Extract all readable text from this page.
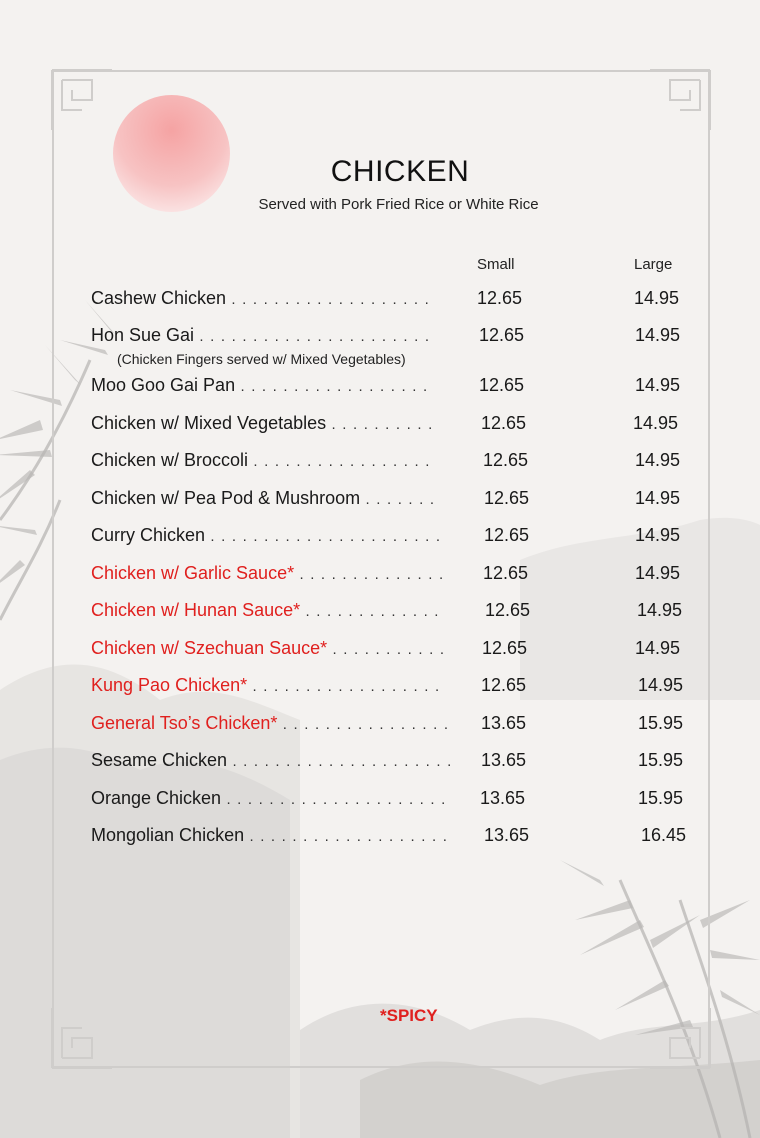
CHICKEN
Served with Pork Fried Rice or White Rice
Small	Large
Cashew Chicken . . . . . . . . . . . . . . . . . . .	12.65	14.95
Hon Sue Gai . . . . . . . . . . . . . . . . . . . . . .	12.65	14.95
Moo Goo Gai Pan . . . . . . . . . . . . . . . . . .	12.65	14.95
Chicken w/ Mixed Vegetables . . . . . . . . . .	12.65	14.95
Chicken w/ Broccoli . . . . . . . . . . . . . . . . .	12.65	14.95
Chicken w/ Pea Pod & Mushroom . . . . . . .	12.65	14.95
Curry Chicken . . . . . . . . . . . . . . . . . . . . . . 12.65	14.95
Chicken w/ Garlic Sauce* . . . . . . . . . . . . . . 12.65	14.95
Chicken w/ Hunan Sauce* . . . . . . . . . . . . .	12.65	14.95
Chicken w/ Szechuan Sauce* . . . . . . . . . . . 12.65	14.95
Kung Pao Chicken* . . . . . . . . . . . . . . . . . . 12.65	14.95
General Tso’s Chicken* . . . . . . . . . . . . . . . . 13.65	15.95
Sesame Chicken . . . . . . . . . . . . . . . . . . . . . 13.65	15.95
Orange Chicken . . . . . . . . . . . . . . . . . . . . . 13.65	15.95
Mongolian Chicken . . . . . . . . . . . . . . . . . . . 13.65	16.45
(Chicken Fingers served w/ Mixed Vegetables)
*SPICY
